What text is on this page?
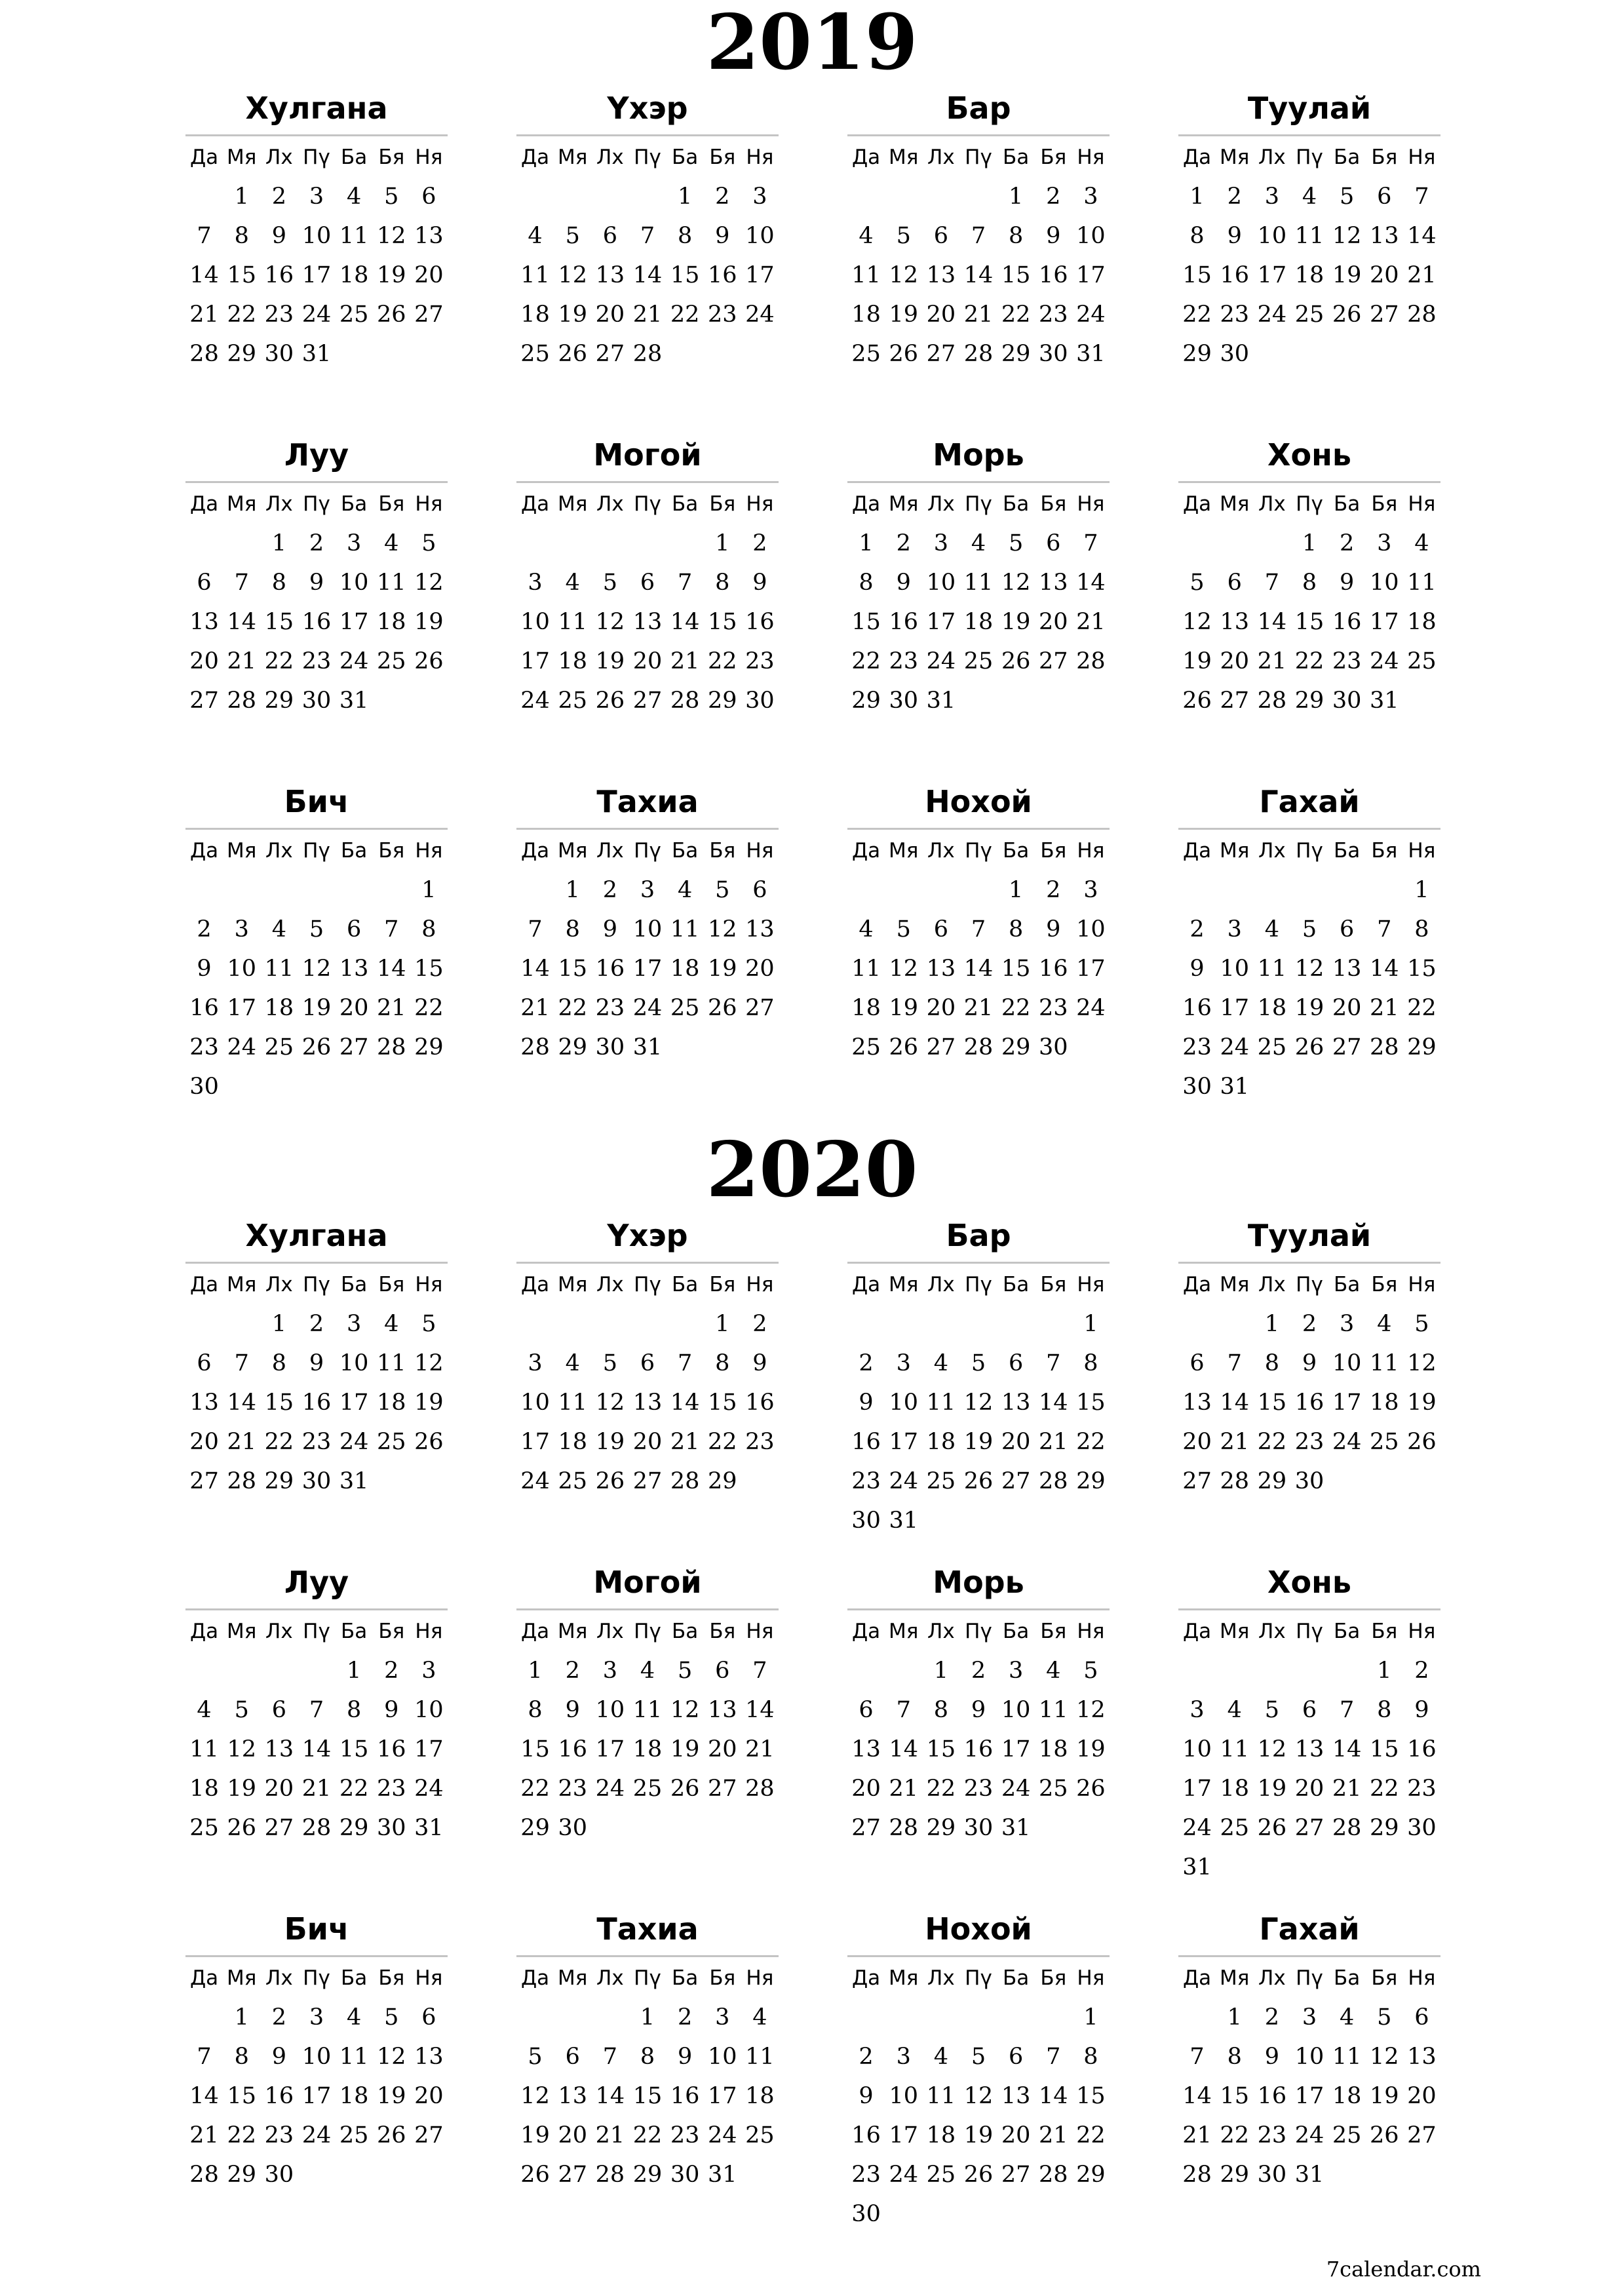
2019
Хулгана
Да Мя Лх Пү Ба Бя Ня
1 2 3 4 5 6
7 8 9 10 11 12 13
14 15 16 17 18 19 20
21 22 23 24 25 26 27
28 29 30 31
Үхэр
Да Мя Лх Пү Ба Бя Ня
1 2 3
4 5 6 7 8 9 10
11 12 13 14 15 16 17
18 19 20 21 22 23 24
25 26 27 28
Бар
Да Мя Лх Пү Ба Бя Ня
1 2 3
4 5 6 7 8 9 10
11 12 13 14 15 16 17
18 19 20 21 22 23 24
25 26 27 28 29 30 31
Туулай
Да Мя Лх Пү Ба Бя Ня
1 2 3 4 5 6 7
8 9 10 11 12 13 14
15 16 17 18 19 20 21
22 23 24 25 26 27 28
29 30
Луу
Да Мя Лх Пү Ба Бя Ня
1 2 3 4 5
6 7 8 9 10 11 12
13 14 15 16 17 18 19
20 21 22 23 24 25 26
27 28 29 30 31
Могой
Да Мя Лх Пү Ба Бя Ня
1 2
3 4 5 6 7 8 9
10 11 12 13 14 15 16
17 18 19 20 21 22 23
24 25 26 27 28 29 30
Морь
Да Мя Лх Пү Ба Бя Ня
1 2 3 4 5 6 7
8 9 10 11 12 13 14
15 16 17 18 19 20 21
22 23 24 25 26 27 28
29 30 31
Хонь
Да Мя Лх Пү Ба Бя Ня
1 2 3 4
5 6 7 8 9 10 11
12 13 14 15 16 17 18
19 20 21 22 23 24 25
26 27 28 29 30 31
Бич
Да Мя Лх Пү Ба Бя Ня
1
2 3 4 5 6 7 8
9 10 11 12 13 14 15
16 17 18 19 20 21 22
23 24 25 26 27 28 29
30
Тахиа
Да Мя Лх Пү Ба Бя Ня
1 2 3 4 5 6
7 8 9 10 11 12 13
14 15 16 17 18 19 20
21 22 23 24 25 26 27
28 29 30 31
Нохой
Да Мя Лх Пү Ба Бя Ня
1 2 3
4 5 6 7 8 9 10
11 12 13 14 15 16 17
18 19 20 21 22 23 24
25 26 27 28 29 30
Гахай
Да Мя Лх Пү Ба Бя Ня
1
2 3 4 5 6 7 8
9 10 11 12 13 14 15
16 17 18 19 20 21 22
23 24 25 26 27 28 29
30 31
2020
Хулгана
Да Мя Лх Пү Ба Бя Ня
1 2 3 4 5
6 7 8 9 10 11 12
13 14 15 16 17 18 19
20 21 22 23 24 25 26
27 28 29 30 31
Үхэр
Да Мя Лх Пү Ба Бя Ня
1 2
3 4 5 6 7 8 9
10 11 12 13 14 15 16
17 18 19 20 21 22 23
24 25 26 27 28 29
Бар
Да Мя Лх Пү Ба Бя Ня
1
2 3 4 5 6 7 8
9 10 11 12 13 14 15
16 17 18 19 20 21 22
23 24 25 26 27 28 29
30 31
Туулай
Да Мя Лх Пү Ба Бя Ня
1 2 3 4 5
6 7 8 9 10 11 12
13 14 15 16 17 18 19
20 21 22 23 24 25 26
27 28 29 30
Луу
Да Мя Лх Пү Ба Бя Ня
1 2 3
4 5 6 7 8 9 10
11 12 13 14 15 16 17
18 19 20 21 22 23 24
25 26 27 28 29 30 31
Могой
Да Мя Лх Пү Ба Бя Ня
1 2 3 4 5 6 7
8 9 10 11 12 13 14
15 16 17 18 19 20 21
22 23 24 25 26 27 28
29 30
Морь
Да Мя Лх Пү Ба Бя Ня
1 2 3 4 5
6 7 8 9 10 11 12
13 14 15 16 17 18 19
20 21 22 23 24 25 26
27 28 29 30 31
Хонь
Да Мя Лх Пү Ба Бя Ня
1 2
3 4 5 6 7 8 9
10 11 12 13 14 15 16
17 18 19 20 21 22 23
24 25 26 27 28 29 30
31
Бич
Да Мя Лх Пү Ба Бя Ня
1 2 3 4 5 6
7 8 9 10 11 12 13
14 15 16 17 18 19 20
21 22 23 24 25 26 27
28 29 30
Тахиа
Да Мя Лх Пү Ба Бя Ня
1 2 3 4
5 6 7 8 9 10 11
12 13 14 15 16 17 18
19 20 21 22 23 24 25
26 27 28 29 30 31
Нохой
Да Мя Лх Пү Ба Бя Ня
1
2 3 4 5 6 7 8
9 10 11 12 13 14 15
16 17 18 19 20 21 22
23 24 25 26 27 28 29
30
Гахай
Да Мя Лх Пү Ба Бя Ня
1 2 3 4 5 6
7 8 9 10 11 12 13
14 15 16 17 18 19 20
21 22 23 24 25 26 27
28 29 30 31
7calendar.com
